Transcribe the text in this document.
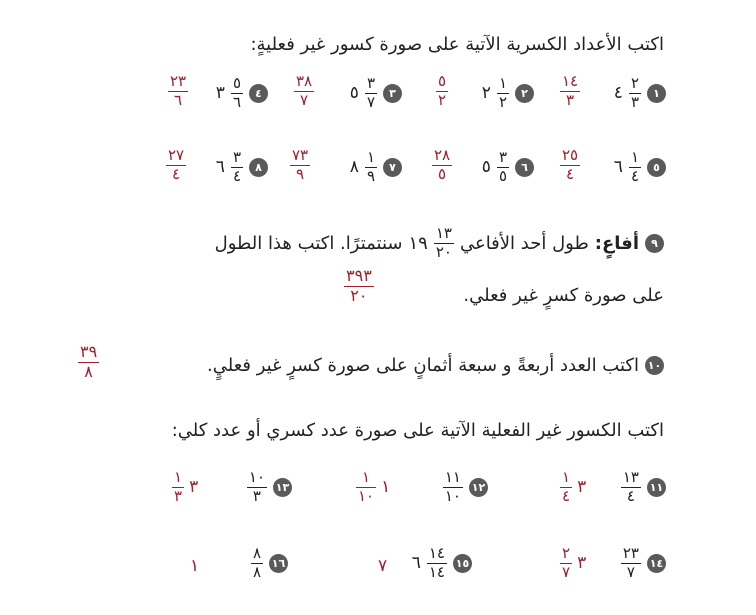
اكتب الأعداد الكسرية الآتية على صورة كسور غير فعليةٍ:
١
$\frac{٢}{٣}$
٤
$\frac{١٤}{٣}$
٢
$\frac{١}{٢}$
٢
$\frac{٥}{٢}$
٣
$\frac{٣}{٧}$
٥
$\frac{٣٨}{٧}$
٤
$\frac{٥}{٦}$
٣
$\frac{٢٣}{٦}$
٥
$\frac{١}{٤}$
٦
$\frac{٢٥}{٤}$
٦
$\frac{٣}{٥}$
٥
$\frac{٢٨}{٥}$
٧
$\frac{١}{٩}$
٨
$\frac{٧٣}{٩}$
٨
$\frac{٣}{٤}$
٦
$\frac{٢٧}{٤}$
٩
أفاعٍ:
طول أحد الأفاعي
$\frac{١٣}{٢٠}$
١٩
سنتمترًا. اكتب هذا الطول
على صورة كسرٍ غير فعلي.
$\frac{٣٩٣}{٢٠}$
١٠
اكتب العدد أربعةً و سبعة أثمانٍ على صورة كسرٍ غير فعليٍ.
$\frac{٣٩}{٨}$
اكتب الكسور غير الفعلية الآتية على صورة عدد كسري أو عدد كلي:
١١
$\frac{١٣}{٤}$
٣
$\frac{١}{٤}$
١٢
$\frac{١١}{١٠}$
١
$\frac{١}{١٠}$
١٣
$\frac{١٠}{٣}$
٣
$\frac{١}{٣}$
١٤
$\frac{٢٣}{٧}$
٣
$\frac{٢}{٧}$
١٥
$\frac{١٤}{١٤}$
٦
٧
١٦
$\frac{٨}{٨}$
١
